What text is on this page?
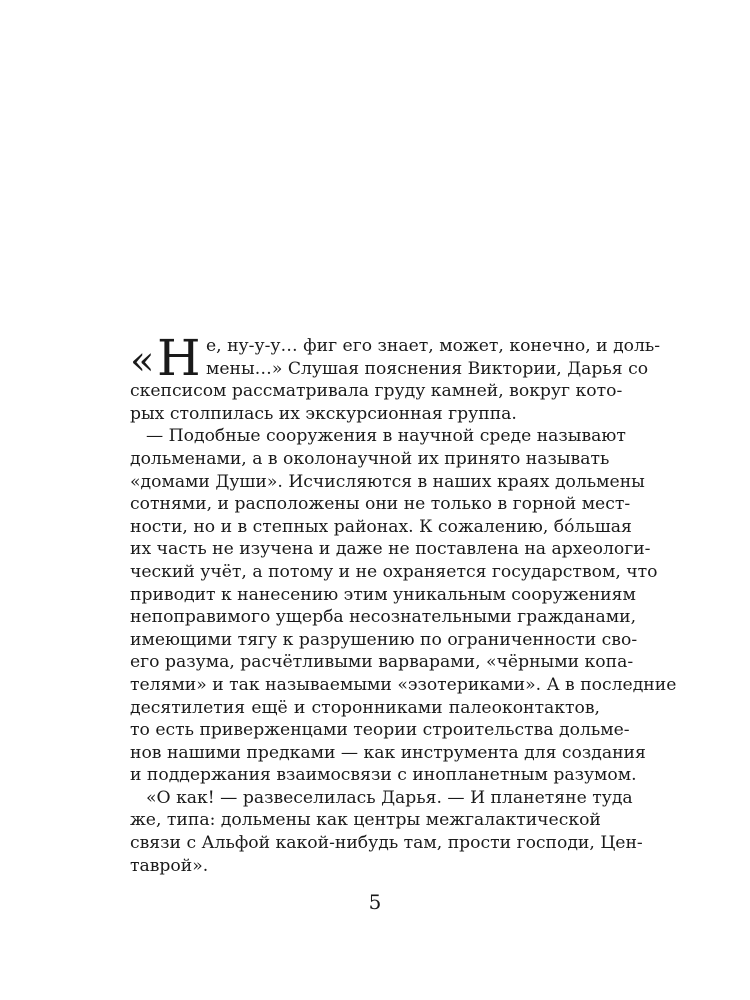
« Н е, ну-у-у… фиг его знает, может, конечно, и доль-
мены…» Слушая пояснения Виктории, Дарья со
скепсисом рассматривала груду камней, вокруг кото-
рых столпилась их экскурсионная группа.
— Подобные сооружения в научной среде называют
дольменами, а в околонаучной их принято называть
«домами Души». Исчисляются в наших краях дольмены
сотнями, и расположены они не только в горной мест-
ности, но и в степных районах. К сожалению, бóльшая
их часть не изучена и даже не поставлена на археологи-
ческий учёт, а потому и не охраняется государством, что
приводит к нанесению этим уникальным сооружениям
непоправимого ущерба несознательными гражданами,
имеющими тягу к разрушению по ограниченности сво-
его разума, расчётливыми варварами, «чёрными копа-
телями» и так называемыми «эзотериками». А в последние
десятилетия ещё и сторонниками палеоконтактов,
то есть приверженцами теории строительства дольме-
нов нашими предками — как инструмента для создания
и поддержания взаимосвязи с инопланетным разумом.
«О как! — развеселилась Дарья. — И планетяне туда
же, типа: дольмены как центры межгалактической
связи с Альфой какой-нибудь там, прости господи, Цен-
таврой».
5
